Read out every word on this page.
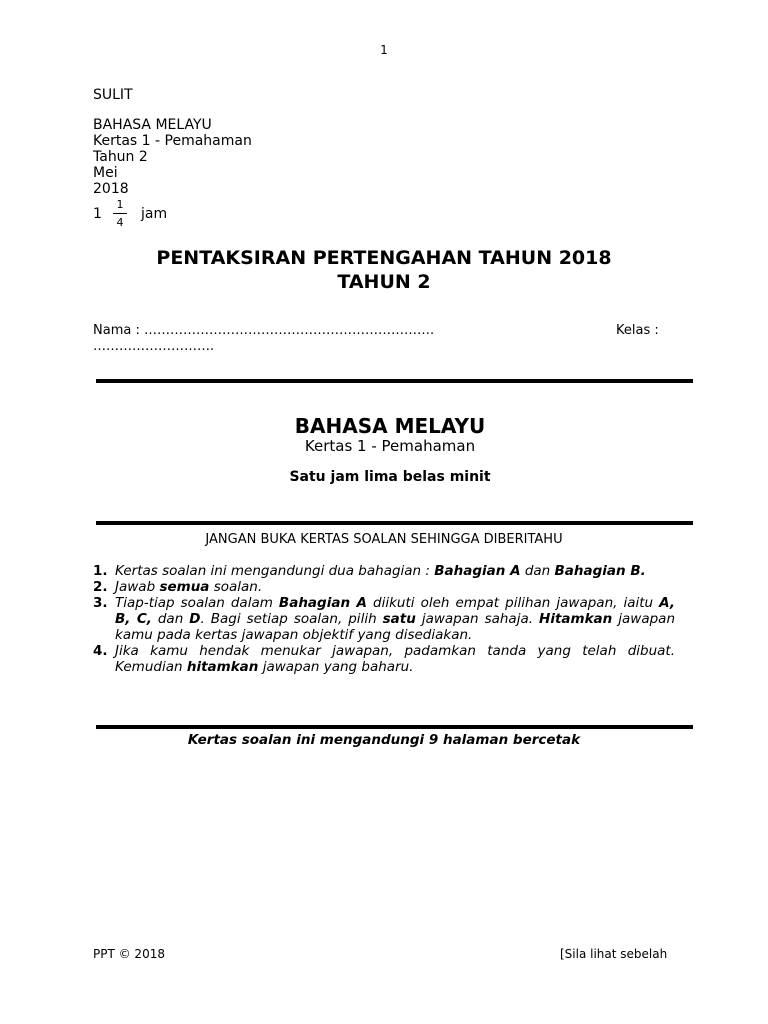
1
SULIT
BAHASA MELAYU
Kertas 1 - Pemahaman
Tahun 2
Mei
2018
$1 \frac{1}{4}$ jam
PENTAKSIRAN PERTENGAHAN TAHUN 2018
TAHUN 2
Nama : ………………………………………………………….	Kelas :
……………………….
BAHASA MELAYU
Kertas 1 - Pemahaman
Satu jam lima belas minit
JANGAN BUKA KERTAS SOALAN SEHINGGA DIBERITAHU
1. Kertas soalan ini mengandungi dua bahagian : Bahagian A dan Bahagian B.
2. Jawab semua soalan.
3. Tiap-tiap soalan dalam Bahagian A diikuti oleh empat pilihan jawapan, iaitu A, B, C, dan D. Bagi setiap soalan, pilih satu jawapan sahaja. Hitamkan jawapan kamu pada kertas jawapan objektif yang disediakan.
4. Jika kamu hendak menukar jawapan, padamkan tanda yang telah dibuat. Kemudian hitamkan jawapan yang baharu.
Kertas soalan ini mengandungi 9 halaman bercetak
PPT © 2018	[Sila lihat sebelah
